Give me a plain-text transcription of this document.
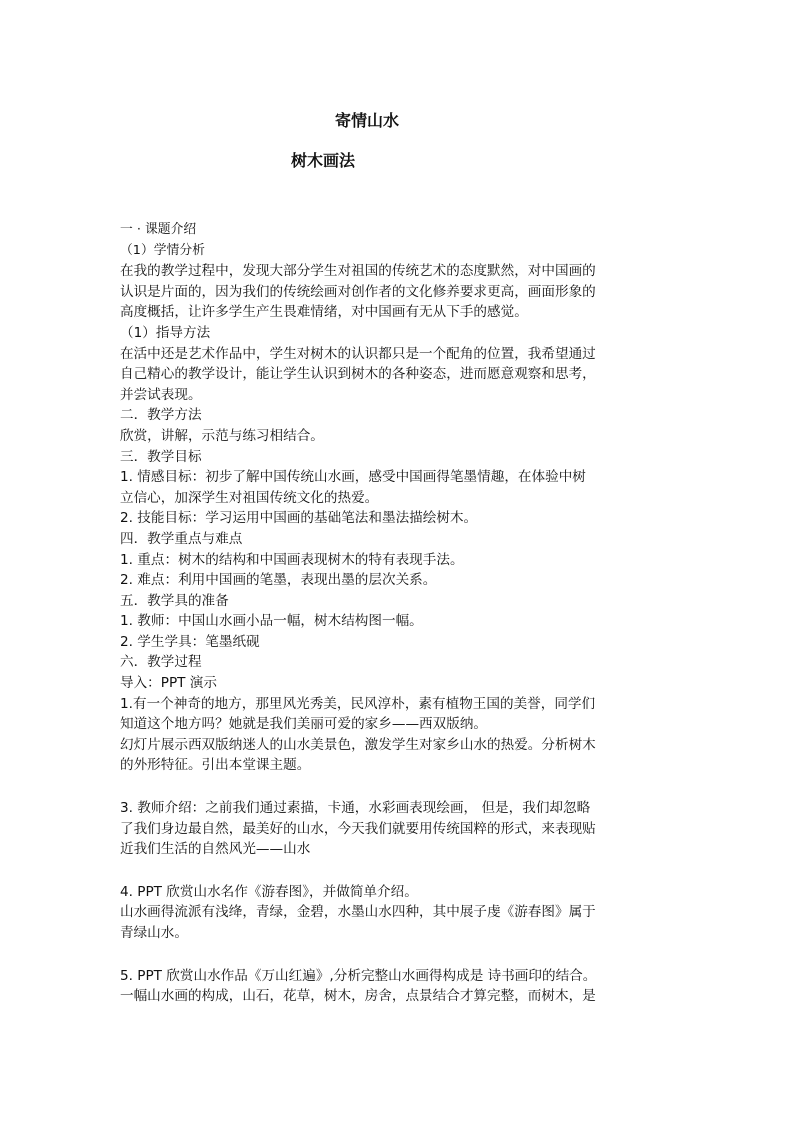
寄情山水
树木画法
一 · 课题介绍
（1）学情分析
在我的教学过程中，发现大部分学生对祖国的传统艺术的态度默然，对中国画的
认识是片面的，因为我们的传统绘画对创作者的文化修养要求更高，画面形象的
高度概括，让许多学生产生畏难情绪，对中国画有无从下手的感觉。
（1）指导方法
在活中还是艺术作品中，学生对树木的认识都只是一个配角的位置，我希望通过
自己精心的教学设计，能让学生认识到树木的各种姿态，进而愿意观察和思考，
并尝试表现。
二．教学方法
欣赏，讲解，示范与练习相结合。
三．教学目标
1. 情感目标：初步了解中国传统山水画，感受中国画得笔墨情趣，在体验中树
立信心，加深学生对祖国传统文化的热爱。
2. 技能目标：学习运用中国画的基础笔法和墨法描绘树木。
四．教学重点与难点
1. 重点：树木的结构和中国画表现树木的特有表现手法。
2. 难点：利用中国画的笔墨，表现出墨的层次关系。
五．教学具的准备
1. 教师：中国山水画小品一幅，树木结构图一幅。
2. 学生学具：笔墨纸砚
六．教学过程
导入：PPT 演示
1.有一个神奇的地方，那里风光秀美，民风淳朴，素有植物王国的美誉，同学们
知道这个地方吗？她就是我们美丽可爱的家乡——西双版纳。
幻灯片展示西双版纳迷人的山水美景色，激发学生对家乡山水的热爱。分析树木
的外形特征。引出本堂课主题。
3. 教师介绍：之前我们通过素描，卡通，水彩画表现绘画， 但是，我们却忽略
了我们身边最自然，最美好的山水，今天我们就要用传统国粹的形式，来表现贴
近我们生活的自然风光——山水
4. PPT 欣赏山水名作《游春图》，并做简单介绍。
山水画得流派有浅绛，青绿，金碧，水墨山水四种，其中展子虔《游春图》属于
青绿山水。
5. PPT 欣赏山水作品《万山红遍》,分析完整山水画得构成是 诗书画印的结合。
一幅山水画的构成，山石，花草，树木，房舍，点景结合才算完整，而树木，是
